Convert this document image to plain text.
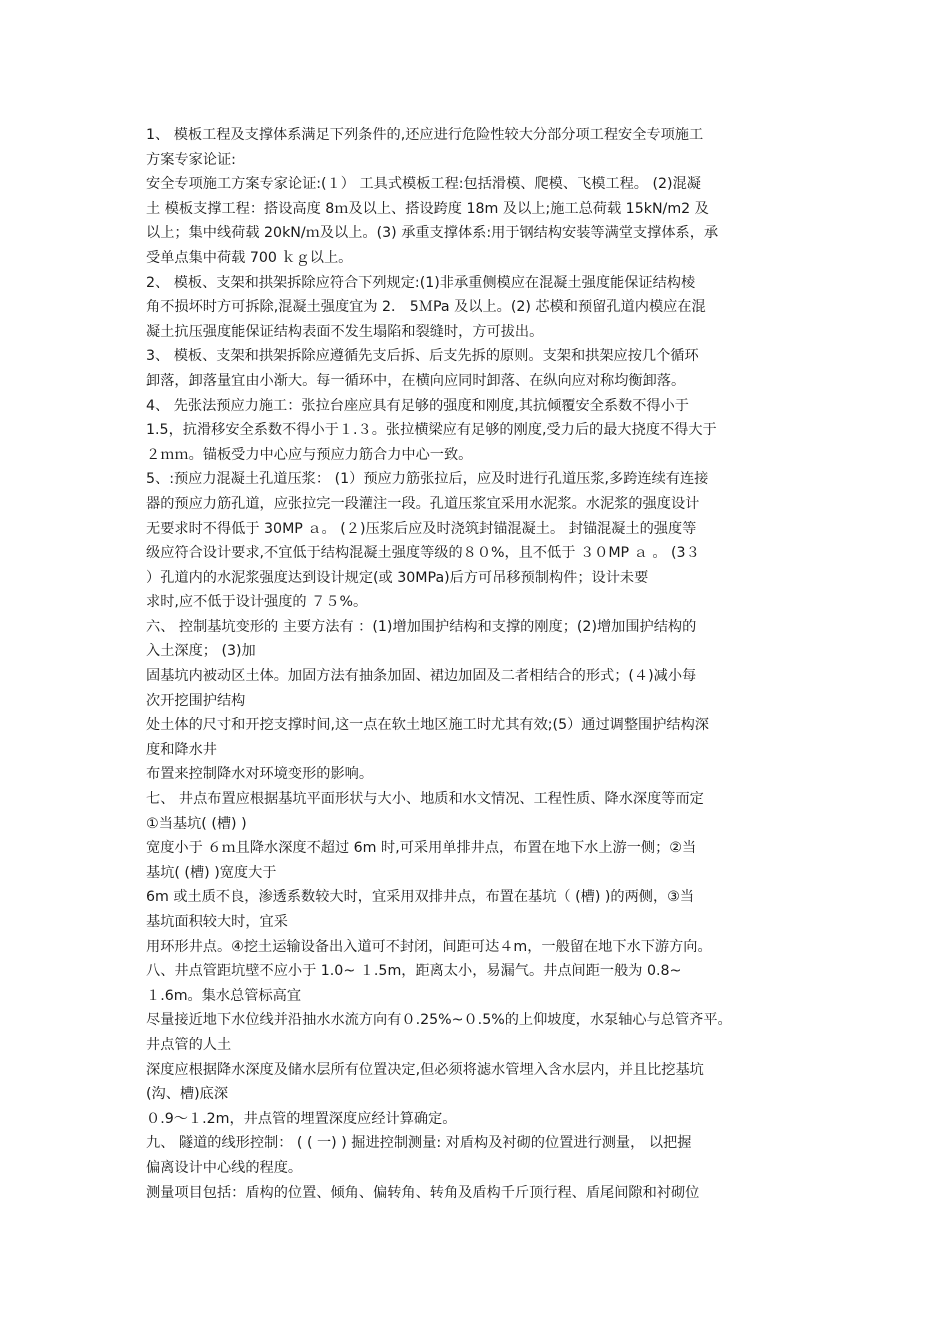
1、 模板工程及支撑体系满足下列条件的,还应进行危险性较大分部分项工程安全专项施工

方案专家论证:

安全专项施工方案专家论证:(１） 工具式模板工程:包括滑模、爬模、飞模工程。 (2)混凝

土 模板支撑工程：搭设高度 8ｍ及以上、搭设跨度 18m 及以上;施工总荷载 15kN/m2 及

以上；集中线荷载 20kN/ｍ及以上。(3) 承重支撑体系:用于钢结构安装等满堂支撑体系，承

受单点集中荷载 700 ｋｇ以上。

2、 模板、支架和拱架拆除应符合下列规定:(1)非承重侧模应在混凝土强度能保证结构棱

角不损坏时方可拆除,混凝土强度宜为 2． 5ＭPa 及以上。(2) 芯模和预留孔道内模应在混

凝土抗压强度能保证结构表面不发生塌陷和裂缝时，方可拔出。

3、 模板、支架和拱架拆除应遵循先支后拆、后支先拆的原则。支架和拱架应按几个循环

卸落，卸落量宜由小渐大。每一循环中，在横向应同时卸落、在纵向应对称均衡卸落。

4、 先张法预应力施工：张拉台座应具有足够的强度和刚度,其抗倾覆安全系数不得小于

1.5，抗滑移安全系数不得小于１.３。张拉横梁应有足够的刚度,受力后的最大挠度不得大于

２ｍｍ。锚板受力中心应与预应力筋合力中心一致。

5、:预应力混凝土孔道压浆： (1）预应力筋张拉后，应及时进行孔道压浆,多跨连续有连接

器的预应力筋孔道，应张拉完一段灌注一段。孔道压浆宜采用水泥浆。水泥浆的强度设计

无要求时不得低于 30MP ａ。 (２)压浆后应及时浇筑封锚混凝土。 封锚混凝土的强度等

级应符合设计要求,不宜低于结构混凝土强度等级的８０%，且不低于 ３０MP ａ 。 (3３

）孔道内的水泥浆强度达到设计规定(或 30MPa)后方可吊移预制构件；设计未要

求时,应不低于设计强度的 ７５%。

六、 控制基坑变形的 主要方法有 ：(1)增加围护结构和支撑的刚度；(2)增加围护结构的

入土深度； (3)加

固基坑内被动区土体。加固方法有抽条加固、裙边加固及二者相结合的形式；(４)减小每

次开挖围护结构

处土体的尺寸和开挖支撑时间,这一点在软土地区施工时尤其有效;(5）通过调整围护结构深

度和降水井

布置来控制降水对环境变形的影响。

七、 井点布置应根据基坑平面形状与大小、地质和水文情况、工程性质、降水深度等而定

①当基坑( (槽) )

宽度小于 ６ｍ且降水深度不超过 6m 时,可采用单排井点，布置在地下水上游一侧；②当

基坑( (槽) )宽度大于

6m 或土质不良，渗透系数较大时，宜采用双排井点，布置在基坑（ (槽) )的两侧，③当

基坑面积较大时，宜采

用环形井点。④挖土运输设备出入道可不封闭，间距可达４m，一般留在地下水下游方向。

八、井点管距坑壁不应小于 1.0~ １.5m，距离太小，易漏气。井点间距一般为 0.8~

１.6m。集水总管标高宜

尽量接近地下水位线并沿抽水水流方向有０.25%~０.5%的上仰坡度，水泵轴心与总管齐平。

井点管的人土

深度应根据降水深度及储水层所有位置决定,但必须将滤水管埋入含水层内，并且比挖基坑

(沟、槽)底深

０.9～１.2m，井点管的埋置深度应经计算确定。

九、 隧道的线形控制： ( ( 一) ) 掘进控制测量: 对盾构及衬砌的位置进行测量， 以把握

偏离设计中心线的程度。

测量项目包括：盾构的位置、倾角、偏转角、转角及盾构千斤顶行程、盾尾间隙和衬砌位
